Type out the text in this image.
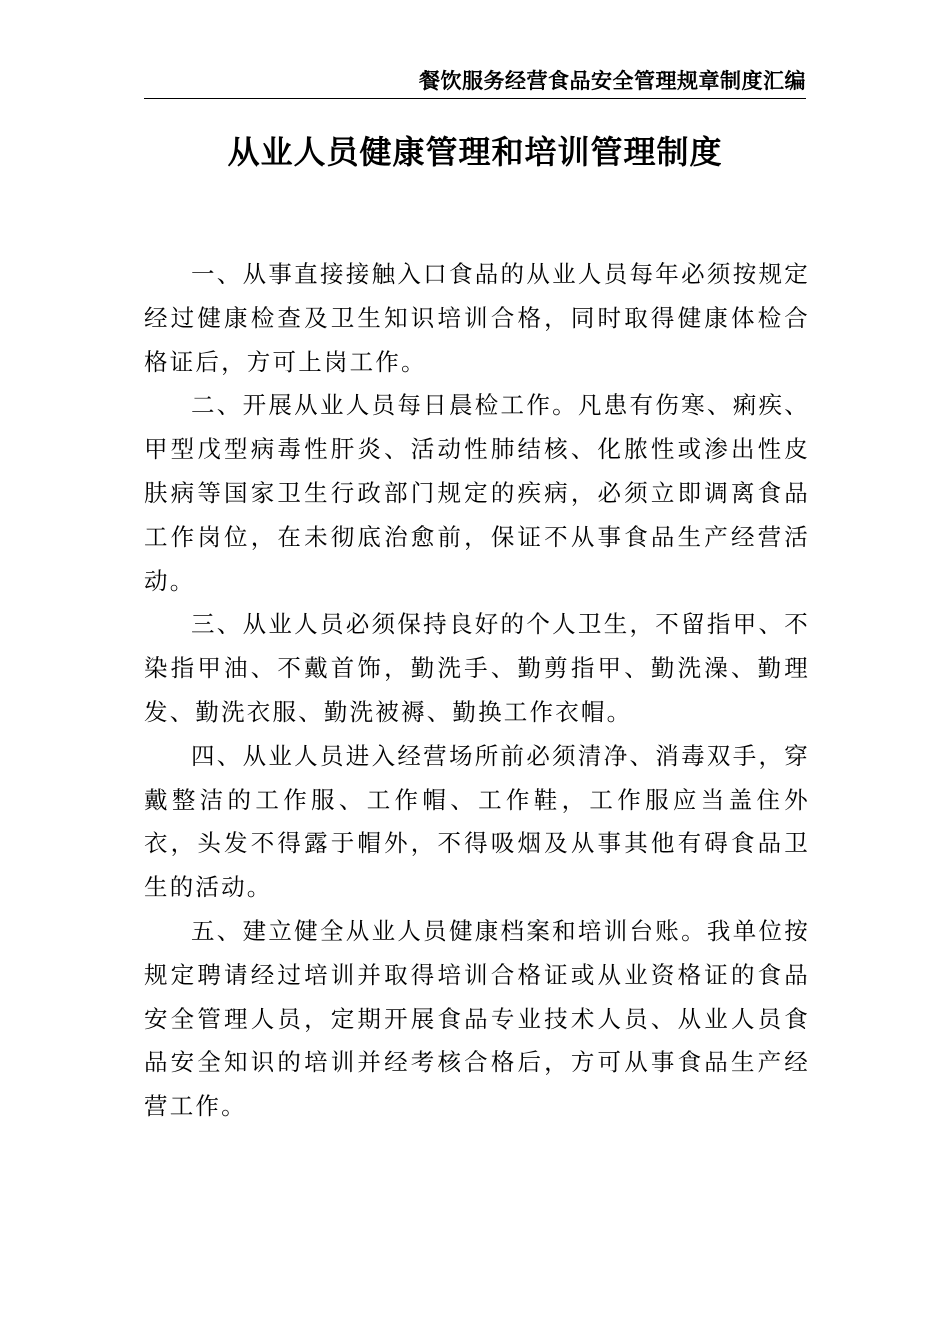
餐饮服务经营食品安全管理规章制度汇编
从业人员健康管理和培训管理制度

一、从事直接接触入口食品的从业人员每年必须按规定经过健康检查及卫生知识培训合格，同时取得健康体检合格证后，方可上岗工作。

二、开展从业人员每日晨检工作。凡患有伤寒、痢疾、甲型戊型病毒性肝炎、活动性肺结核、化脓性或渗出性皮肤病等国家卫生行政部门规定的疾病，必须立即调离食品工作岗位，在未彻底治愈前，保证不从事食品生产经营活动。

三、从业人员必须保持良好的个人卫生，不留指甲、不染指甲油、不戴首饰，勤洗手、勤剪指甲、勤洗澡、勤理发、勤洗衣服、勤洗被褥、勤换工作衣帽。

四、从业人员进入经营场所前必须清净、消毒双手，穿戴整洁的工作服、工作帽、工作鞋，工作服应当盖住外衣，头发不得露于帽外，不得吸烟及从事其他有碍食品卫生的活动。

五、建立健全从业人员健康档案和培训台账。我单位按规定聘请经过培训并取得培训合格证或从业资格证的食品安全管理人员，定期开展食品专业技术人员、从业人员食品安全知识的培训并经考核合格后，方可从事食品生产经营工作。
